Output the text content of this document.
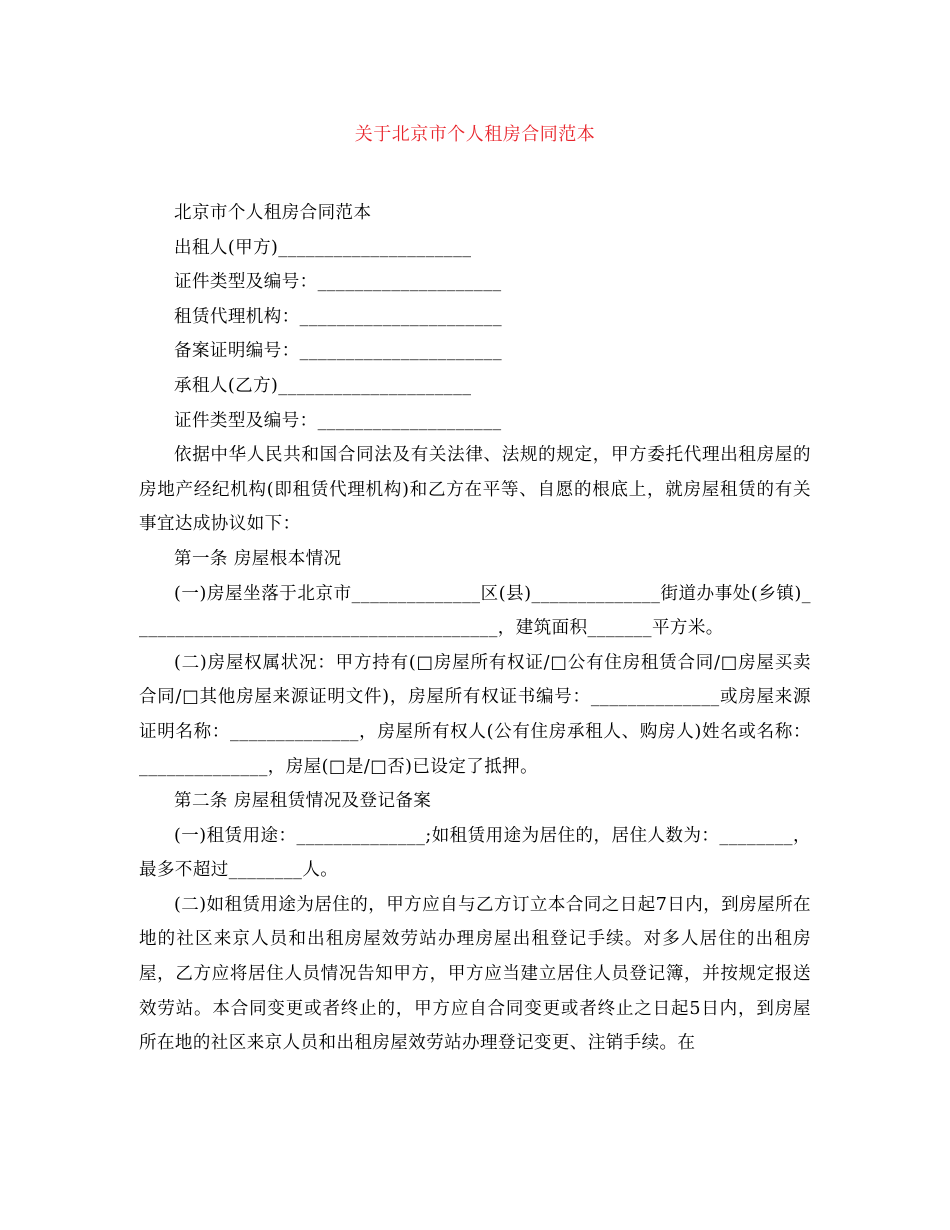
关于北京市个人租房合同范本

北京市个人租房合同范本

出租人(甲方)_____________________

证件类型及编号：____________________

租赁代理机构：______________________

备案证明编号：______________________

承租人(乙方)_____________________

证件类型及编号：____________________

依据中华人民共和国合同法及有关法律、法规的规定，甲方委托代理出租房屋的房地产经纪机构(即租赁代理机构)和乙方在平等、自愿的根底上，就房屋租赁的有关事宜达成协议如下：

第一条 房屋根本情况

(一)房屋坐落于北京市______________区(县)______________街道办事处(乡镇)________________________________________，建筑面积_______平方米。

(二)房屋权属状况：甲方持有(□房屋所有权证/□公有住房租赁合同/□房屋买卖合同/□其他房屋来源证明文件)，房屋所有权证书编号：______________或房屋来源证明名称：______________，房屋所有权人(公有住房承租人、购房人)姓名或名称：______________，房屋(□是/□否)已设定了抵押。

第二条 房屋租赁情况及登记备案

(一)租赁用途：______________;如租赁用途为居住的，居住人数为：________，最多不超过________人。

(二)如租赁用途为居住的，甲方应自与乙方订立本合同之日起7日内，到房屋所在地的社区来京人员和出租房屋效劳站办理房屋出租登记手续。对多人居住的出租房屋，乙方应将居住人员情况告知甲方，甲方应当建立居住人员登记簿，并按规定报送效劳站。本合同变更或者终止的，甲方应自合同变更或者终止之日起5日内，到房屋所在地的社区来京人员和出租房屋效劳站办理登记变更、注销手续。在
